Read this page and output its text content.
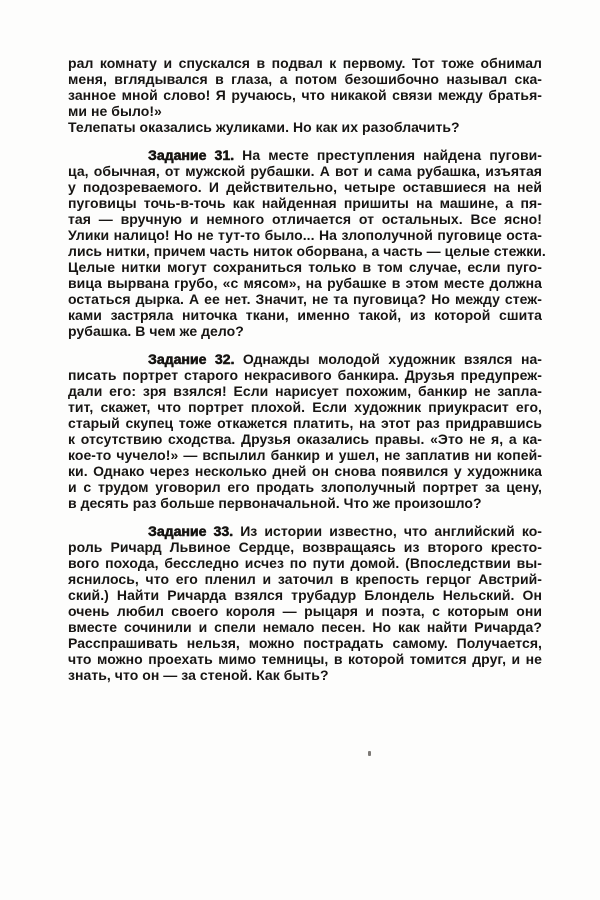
рал комнату и спускался в подвал к первому. Тот тоже обнимал
меня, вглядывался в глаза, а потом безошибочно называл ска-
занное мной слово! Я ручаюсь, что никакой связи между братья-
ми не было!»
Телепаты оказались жуликами. Но как их разоблачить?
Задание 31. На месте преступления найдена пугови-
ца, обычная, от мужской рубашки. А вот и сама рубашка, изъятая
у подозреваемого. И действительно, четыре оставшиеся на ней
пуговицы точь-в-точь как найденная пришиты на машине, а пя-
тая — вручную и немного отличается от остальных. Все ясно!
Улики налицо! Но не тут-то было... На злополучной пуговице оста-
лись нитки, причем часть ниток оборвана, а часть — целые стежки.
Целые нитки могут сохраниться только в том случае, если пуго-
вица вырвана грубо, «с мясом», на рубашке в этом месте должна
остаться дырка. А ее нет. Значит, не та пуговица? Но между стеж-
ками застряла ниточка ткани, именно такой, из которой сшита
рубашка. В чем же дело?
Задание 32. Однажды молодой художник взялся на-
писать портрет старого некрасивого банкира. Друзья предупреж-
дали его: зря взялся! Если нарисует похожим, банкир не запла-
тит, скажет, что портрет плохой. Если художник приукрасит его,
старый скупец тоже откажется платить, на этот раз придравшись
к отсутствию сходства. Друзья оказались правы. «Это не я, а ка-
кое-то чучело!» — вспылил банкир и ушел, не заплатив ни копей-
ки. Однако через несколько дней он снова появился у художника
и с трудом уговорил его продать злополучный портрет за цену,
в десять раз больше первоначальной. Что же произошло?
Задание 33. Из истории известно, что английский ко-
роль Ричард Львиное Сердце, возвращаясь из второго кресто-
вого похода, бесследно исчез по пути домой. (Впоследствии вы-
яснилось, что его пленил и заточил в крепость герцог Австрий-
ский.) Найти Ричарда взялся трубадур Блондель Нельский. Он
очень любил своего короля — рыцаря и поэта, с которым они
вместе сочинили и спели немало песен. Но как найти Ричарда?
Расспрашивать нельзя, можно пострадать самому. Получается,
что можно проехать мимо темницы, в которой томится друг, и не
знать, что он — за стеной. Как быть?
